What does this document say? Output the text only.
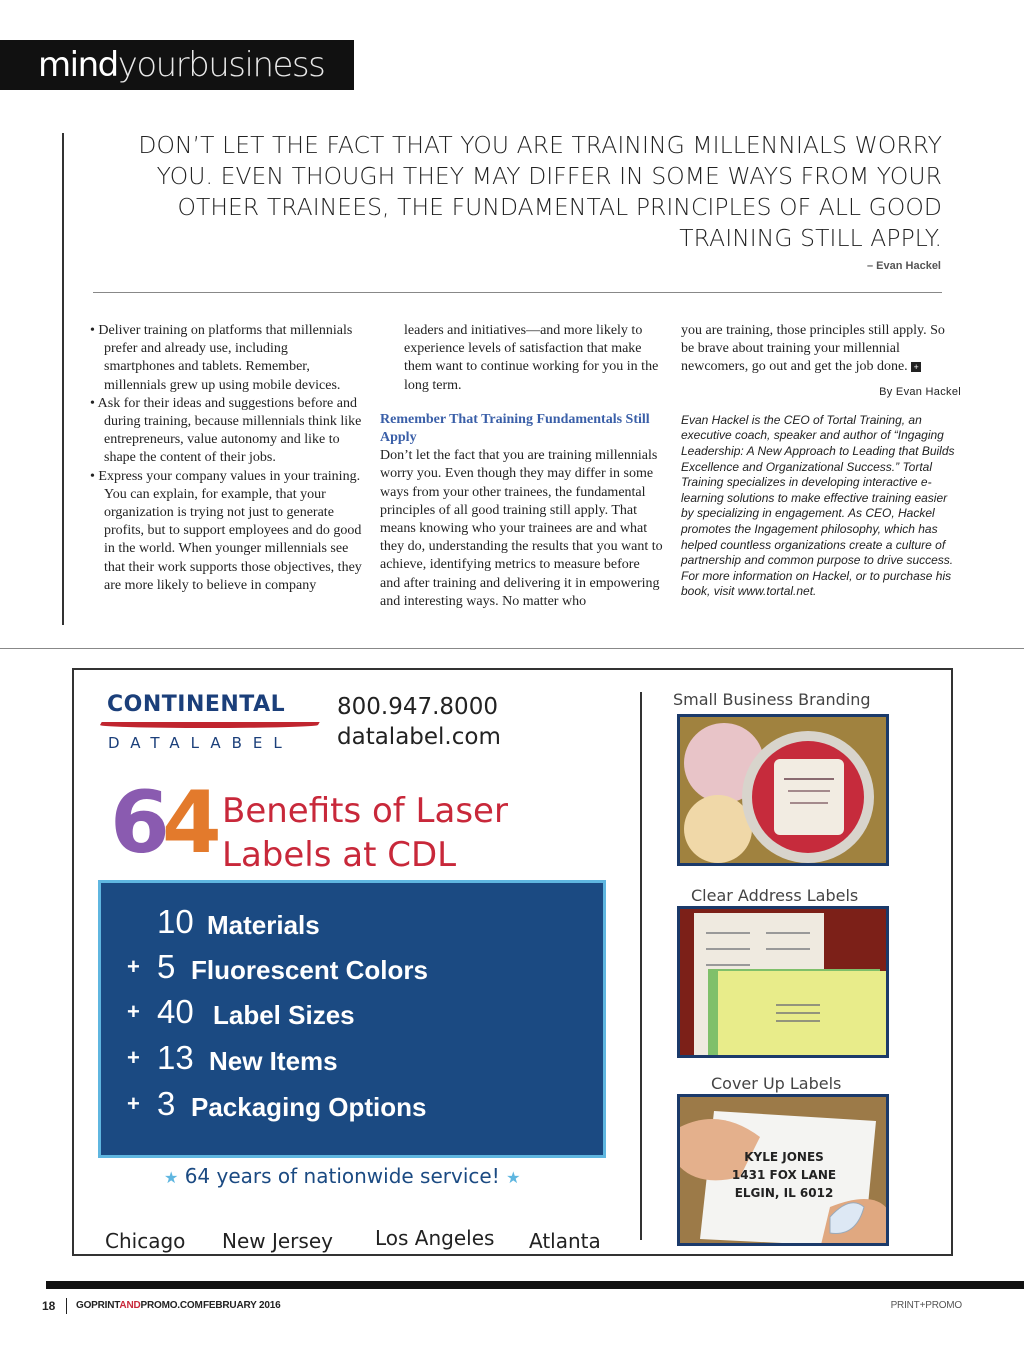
mindyourbusiness
DON’T LET THE FACT THAT YOU ARE TRAINING MILLENNIALS WORRY YOU. EVEN THOUGH THEY MAY DIFFER IN SOME WAYS FROM YOUR OTHER TRAINEES, THE FUNDAMENTAL PRINCIPLES OF ALL GOOD TRAINING STILL APPLY.
– Evan Hackel
• Deliver training on platforms that millennials prefer and already use, including smartphones and tablets. Remember, millennials grew up using mobile devices.
• Ask for their ideas and suggestions before and during training, because millennials think like entrepreneurs, value autonomy and like to shape the content of their jobs.
• Express your company values in your training. You can explain, for example, that your organization is trying not just to generate profits, but to support employees and do good in the world. When younger millennials see that their work supports those objectives, they are more likely to believe in company
leaders and initiatives—and more likely to experience levels of satisfaction that make them want to continue working for you in the long term.
Remember That Training Fundamentals Still Apply
Don’t let the fact that you are training millennials worry you. Even though they may differ in some ways from your other trainees, the fundamental principles of all good training still apply. That means knowing who your trainees are and what they do, understanding the results that you want to achieve, identifying metrics to measure before and after training and delivering it in empowering and interesting ways. No matter who
you are training, those principles still apply. So be brave about training your millennial newcomers, go out and get the job done. +
By Evan Hackel
Evan Hackel is the CEO of Tortal Training, an executive coach, speaker and author of “Ingaging Leadership: A New Approach to Leading that Builds Excellence and Organizational Success.” Tortal Training specializes in developing interactive e-learning solutions to make effective training easier by specializing in engagement. As CEO, Hackel promotes the Ingagement philosophy, which has helped countless organizations create a culture of partnership and common purpose to drive success. For more information on Hackel, or to purchase his book, visit www.tortal.net.
CONTINENTAL
DATALABEL
800.947.8000
datalabel.com
64 Benefits of Laser
Labels at CDL
10 Materials
+ 5 Fluorescent Colors
+ 40 Label Sizes
+ 13 New Items
+ 3 Packaging Options
★ 64 years of nationwide service! ★
Chicago New Jersey Los Angeles Atlanta
Small Business Branding
Clear Address Labels
Cover Up Labels
KYLE JONES
1431 FOX LANE
ELGIN, IL 6012
18 GOPRINTANDPROMO.COM FEBRUARY 2016	PRINT+PROMO
